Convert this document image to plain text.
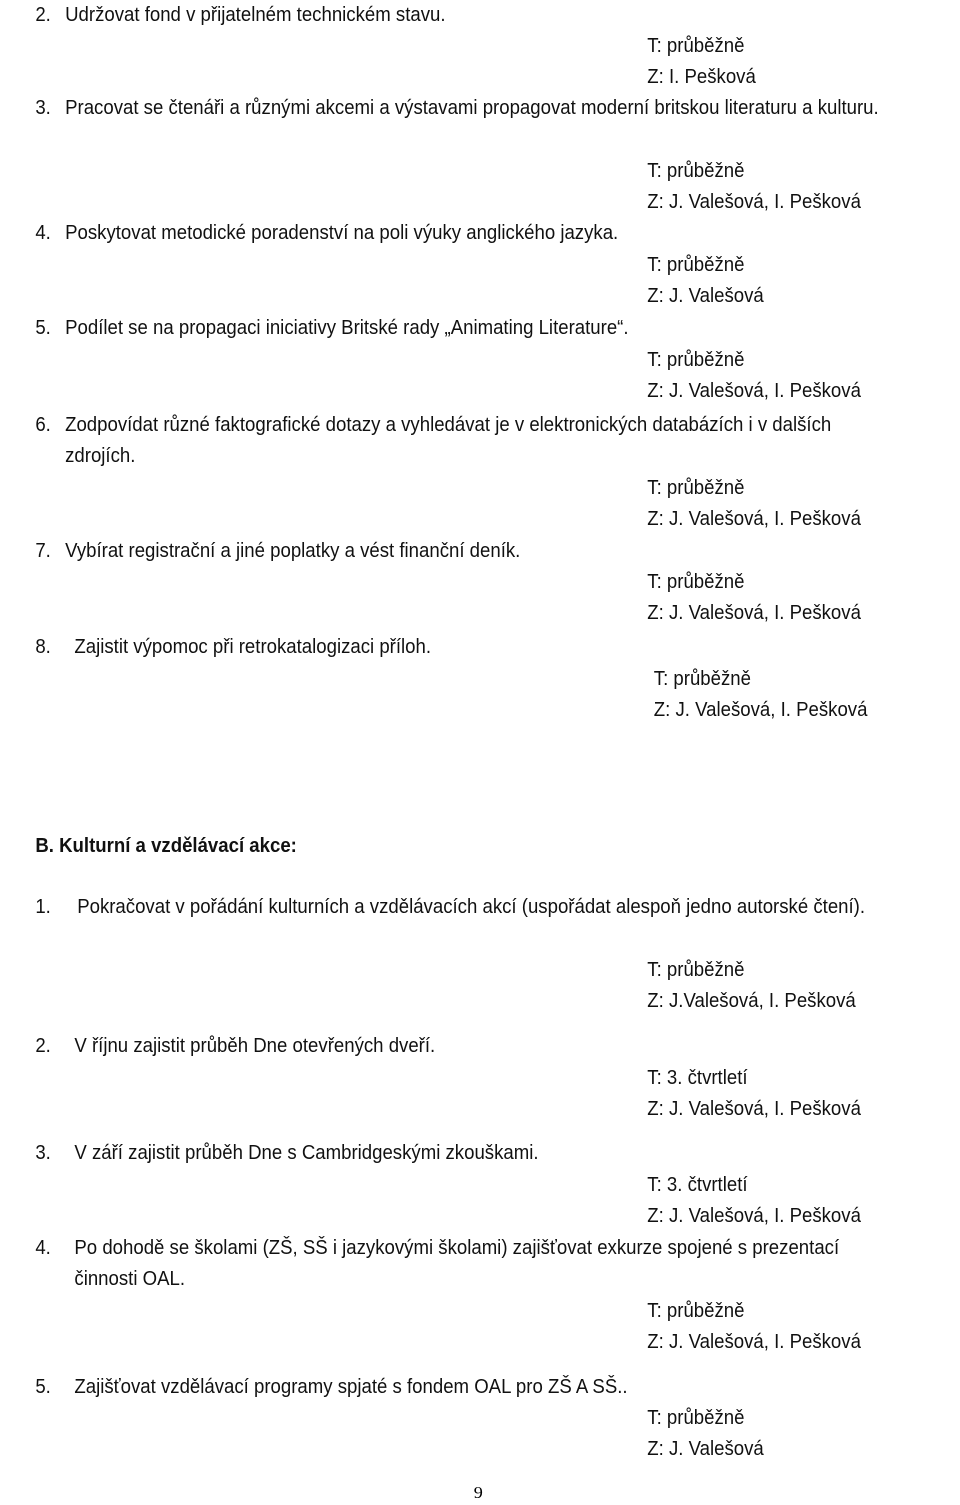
2. Udržovat fond v přijatelném technickém stavu.
T: průběžně
Z: I. Pešková
3. Pracovat se čtenáři a různými akcemi a výstavami propagovat moderní britskou literaturu a kulturu.
T: průběžně
Z: J. Valešová, I. Pešková
4. Poskytovat metodické poradenství na poli výuky anglického jazyka.
T: průběžně
Z: J. Valešová
5. Podílet se na propagaci iniciativy Britské rady „Animating Literature“.
T: průběžně
Z: J. Valešová, I. Pešková
6. Zodpovídat různé faktografické dotazy a vyhledávat je v elektronických databázích i v dalších zdrojích.
T: průběžně
Z: J. Valešová, I. Pešková
7. Vybírat registrační a jiné poplatky a vést finanční deník.
T: průběžně
Z: J. Valešová, I. Pešková
8. Zajistit výpomoc při retrokatalogizaci příloh.
T: průběžně
Z: J. Valešová, I. Pešková
B. Kulturní a vzdělávací akce:
1. Pokračovat v pořádání kulturních a vzdělávacích akcí (uspořádat alespoň jedno autorské čtení).
T: průběžně
Z: J.Valešová, I. Pešková
2. V říjnu zajistit průběh Dne otevřených dveří.
T: 3. čtvrtletí
Z: J. Valešová, I. Pešková
3. V září zajistit průběh Dne s Cambridgeskými zkouškami.
T: 3. čtvrtletí
Z: J. Valešová, I. Pešková
4. Po dohodě se školami (ZŠ, SŠ i jazykovými školami) zajišťovat exkurze spojené s prezentací činnosti OAL.
T: průběžně
Z: J. Valešová, I. Pešková
5. Zajišťovat vzdělávací programy spjaté s fondem OAL pro ZŠ A SŠ..
T: průběžně
Z: J. Valešová
9
